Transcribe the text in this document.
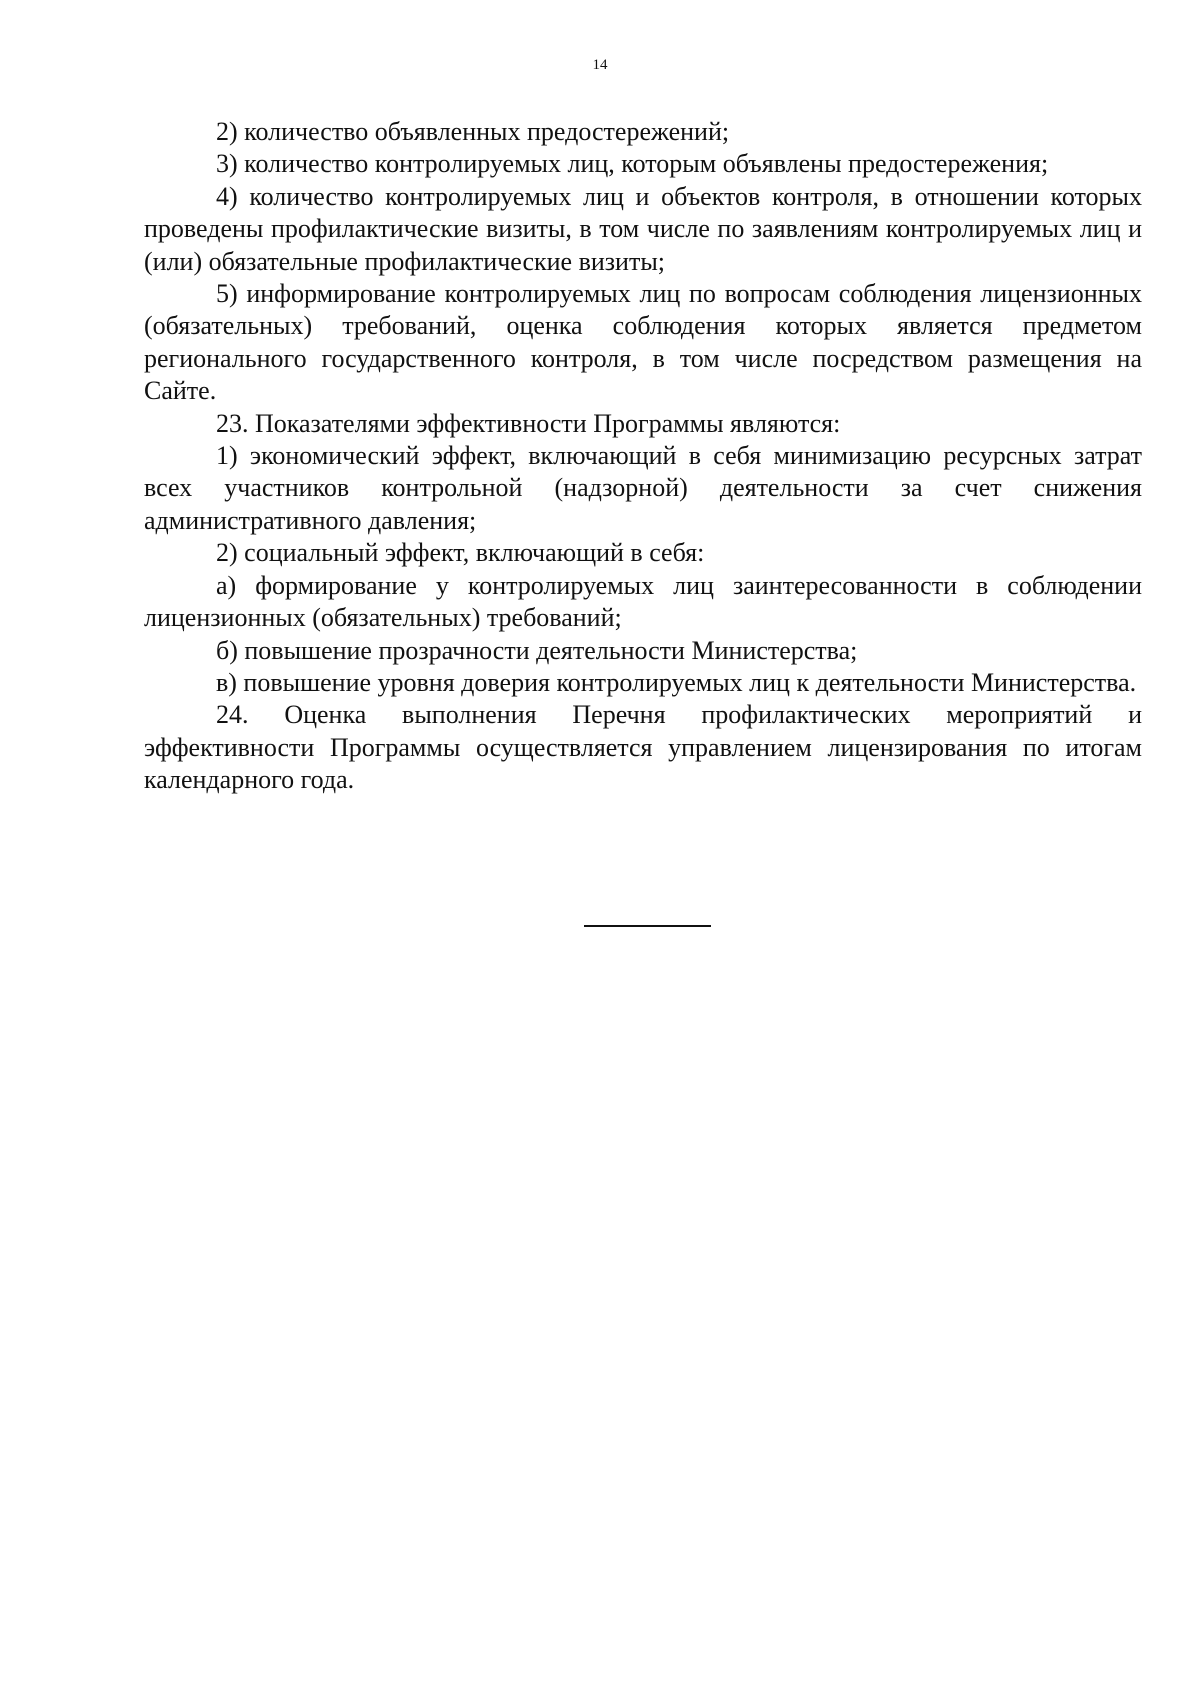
14

2) количество объявленных предостережений;

3) количество контролируемых лиц, которым объявлены предостережения;

4) количество контролируемых лиц и объектов контроля, в отношении которых проведены профилактические визиты, в том числе по заявлениям контролируемых лиц и (или) обязательные профилактические визиты;

5) информирование контролируемых лиц по вопросам соблюдения лицензионных (обязательных) требований, оценка соблюдения которых является предметом регионального государственного контроля, в том числе посредством размещения на Сайте.

23. Показателями эффективности Программы являются:

1) экономический эффект, включающий в себя минимизацию ресурсных затрат всех участников контрольной (надзорной) деятельности за счет снижения административного давления;

2) социальный эффект, включающий в себя:

а) формирование у контролируемых лиц заинтересованности в соблюдении лицензионных (обязательных) требований;

б) повышение прозрачности деятельности Министерства;

в) повышение уровня доверия контролируемых лиц к деятельности Министерства.

24. Оценка выполнения Перечня профилактических мероприятий и эффективности Программы осуществляется управлением лицензирования по итогам календарного года.
